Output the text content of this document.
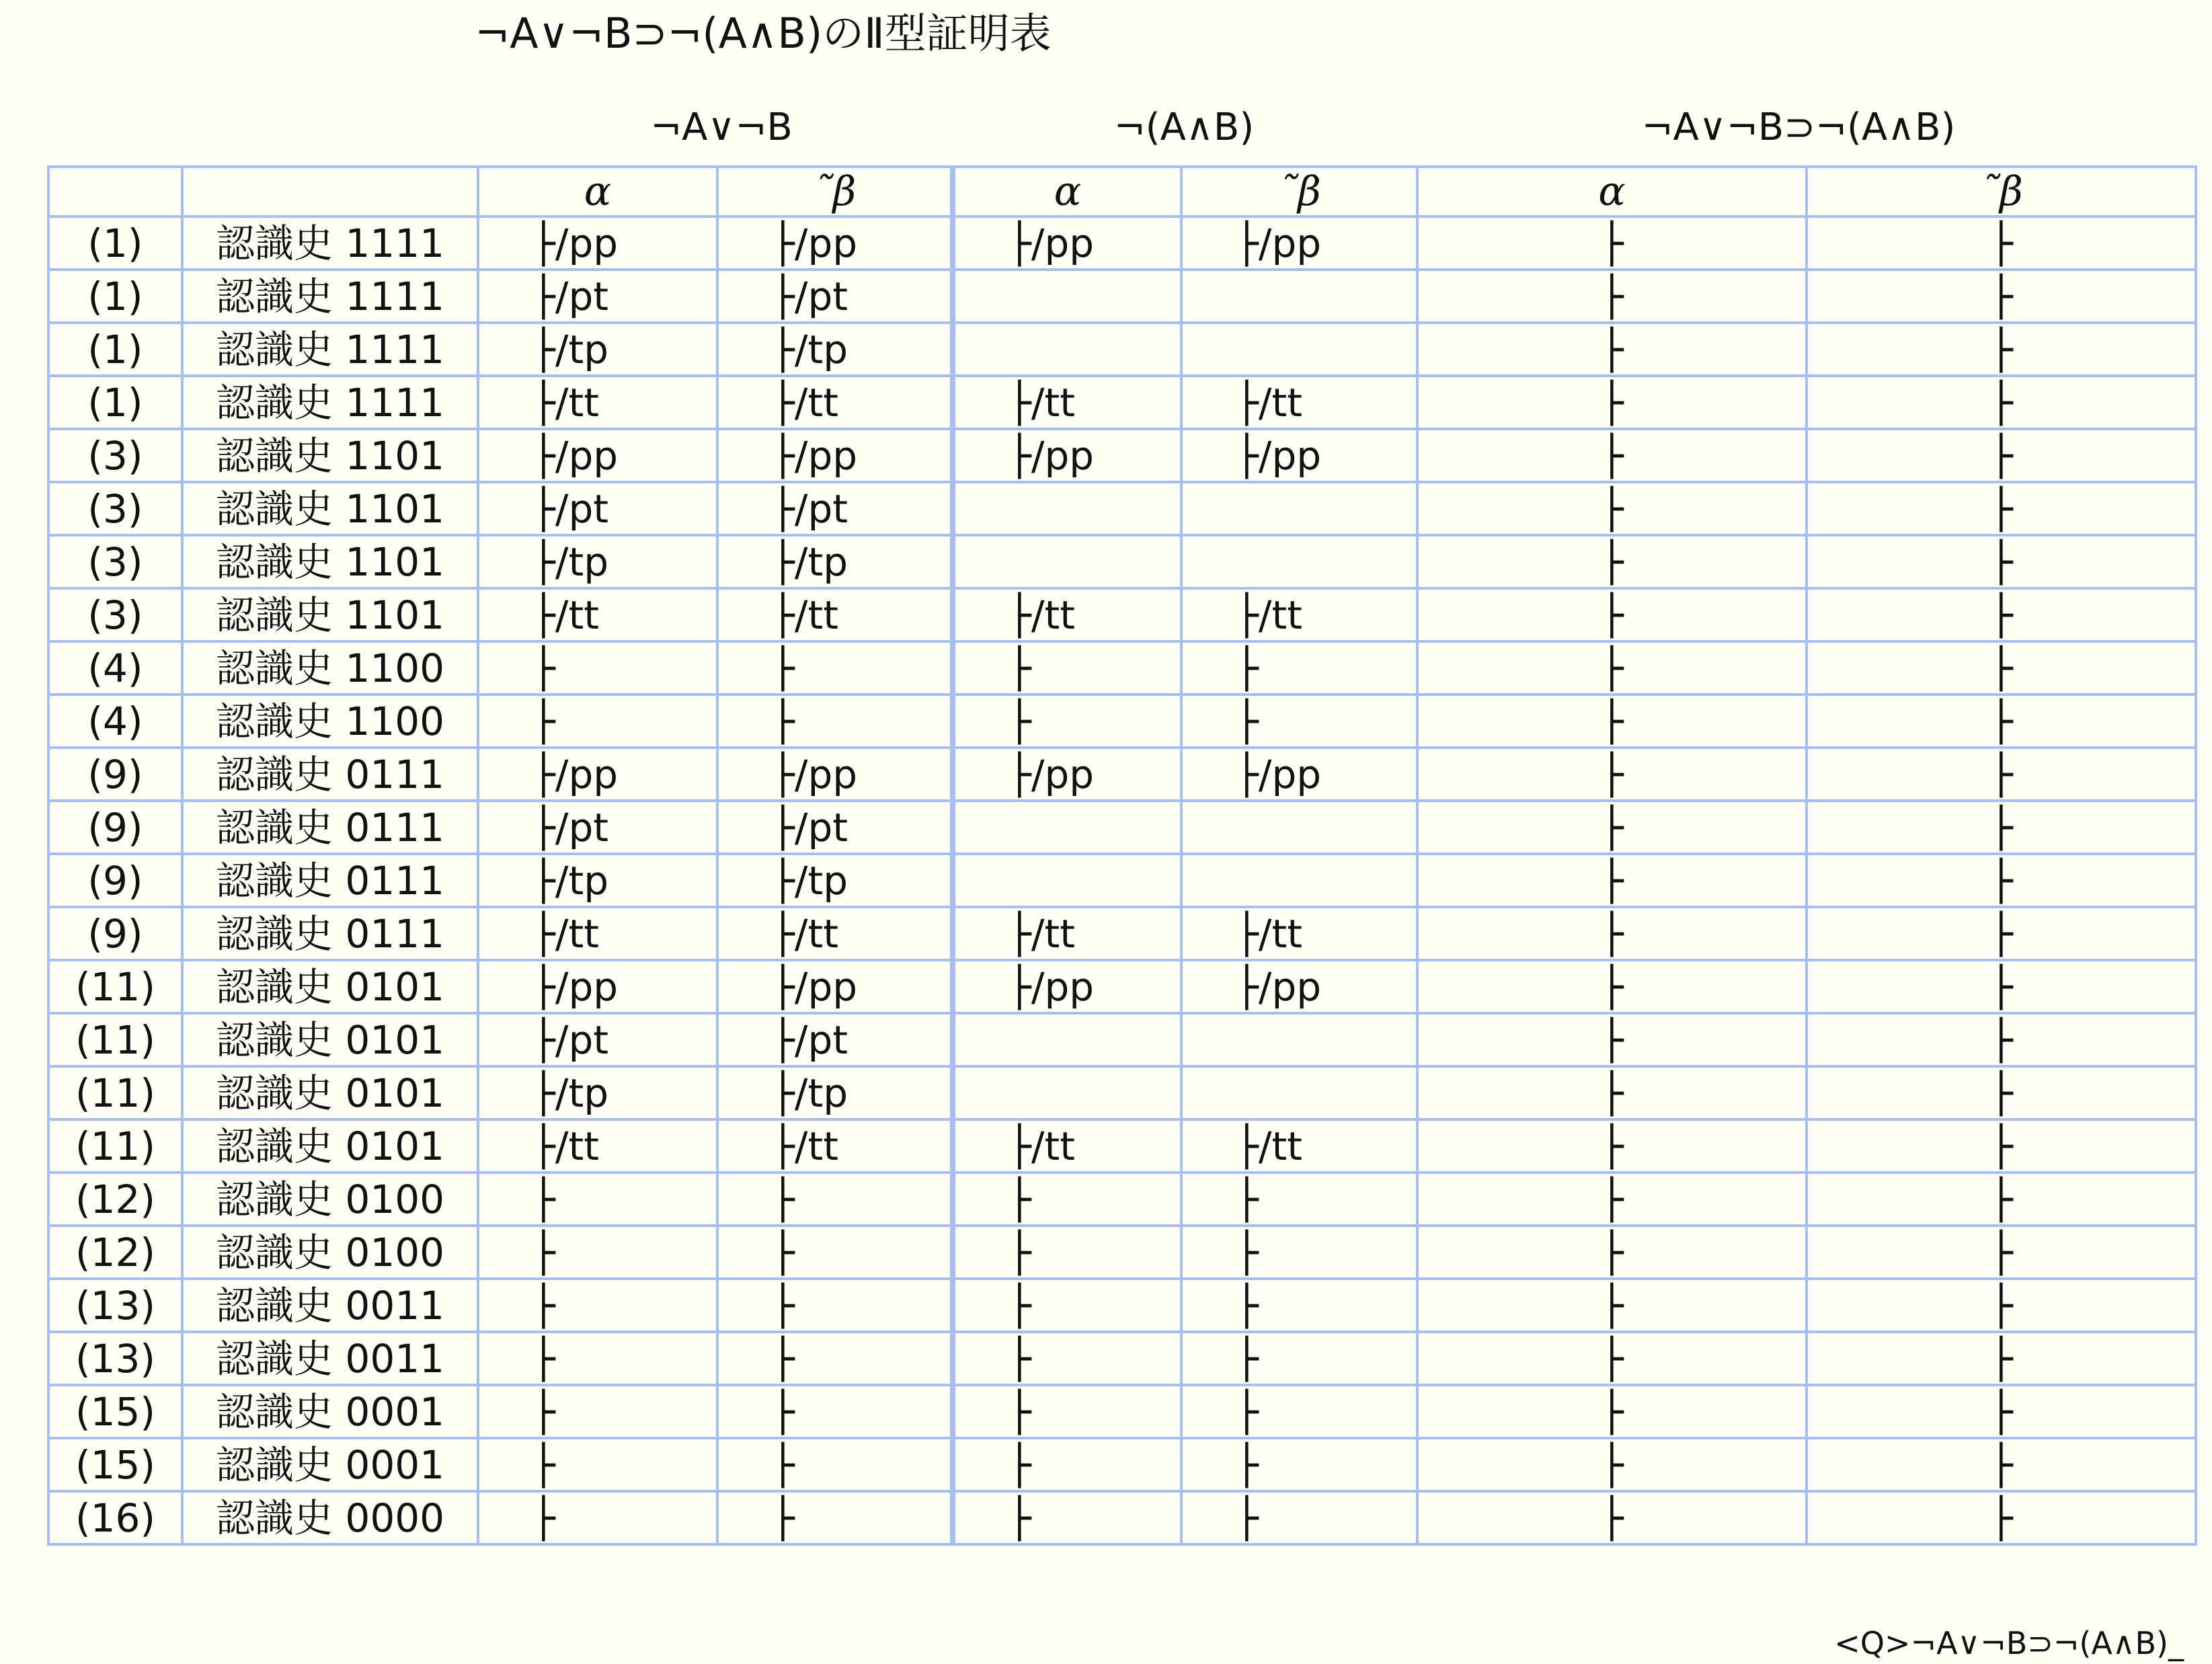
¬A∨¬B⊃¬(A∧B)のⅡ型証明表
¬A∨¬B	¬(A∧B)	¬A∨¬B⊃¬(A∧B)
		α	˜β	α	˜β	α	˜β
(1)	認識史 1111	├/pp	├/pp	├/pp	├/pp	├	├
(1)	認識史 1111	├/pt	├/pt			├	├
(1)	認識史 1111	├/tp	├/tp			├	├
(1)	認識史 1111	├/tt	├/tt	├/tt	├/tt	├	├
(3)	認識史 1101	├/pp	├/pp	├/pp	├/pp	├	├
(3)	認識史 1101	├/pt	├/pt			├	├
(3)	認識史 1101	├/tp	├/tp			├	├
(3)	認識史 1101	├/tt	├/tt	├/tt	├/tt	├	├
(4)	認識史 1100	├	├	├	├	├	├
(4)	認識史 1100	├	├	├	├	├	├
(9)	認識史 0111	├/pp	├/pp	├/pp	├/pp	├	├
(9)	認識史 0111	├/pt	├/pt			├	├
(9)	認識史 0111	├/tp	├/tp			├	├
(9)	認識史 0111	├/tt	├/tt	├/tt	├/tt	├	├
(11)	認識史 0101	├/pp	├/pp	├/pp	├/pp	├	├
(11)	認識史 0101	├/pt	├/pt			├	├
(11)	認識史 0101	├/tp	├/tp			├	├
(11)	認識史 0101	├/tt	├/tt	├/tt	├/tt	├	├
(12)	認識史 0100	├	├	├	├	├	├
(12)	認識史 0100	├	├	├	├	├	├
(13)	認識史 0011	├	├	├	├	├	├
(13)	認識史 0011	├	├	├	├	├	├
(15)	認識史 0001	├	├	├	├	├	├
(15)	認識史 0001	├	├	├	├	├	├
(16)	認識史 0000	├	├	├	├	├	├
<Q>¬A∨¬B⊃¬(A∧B)_
